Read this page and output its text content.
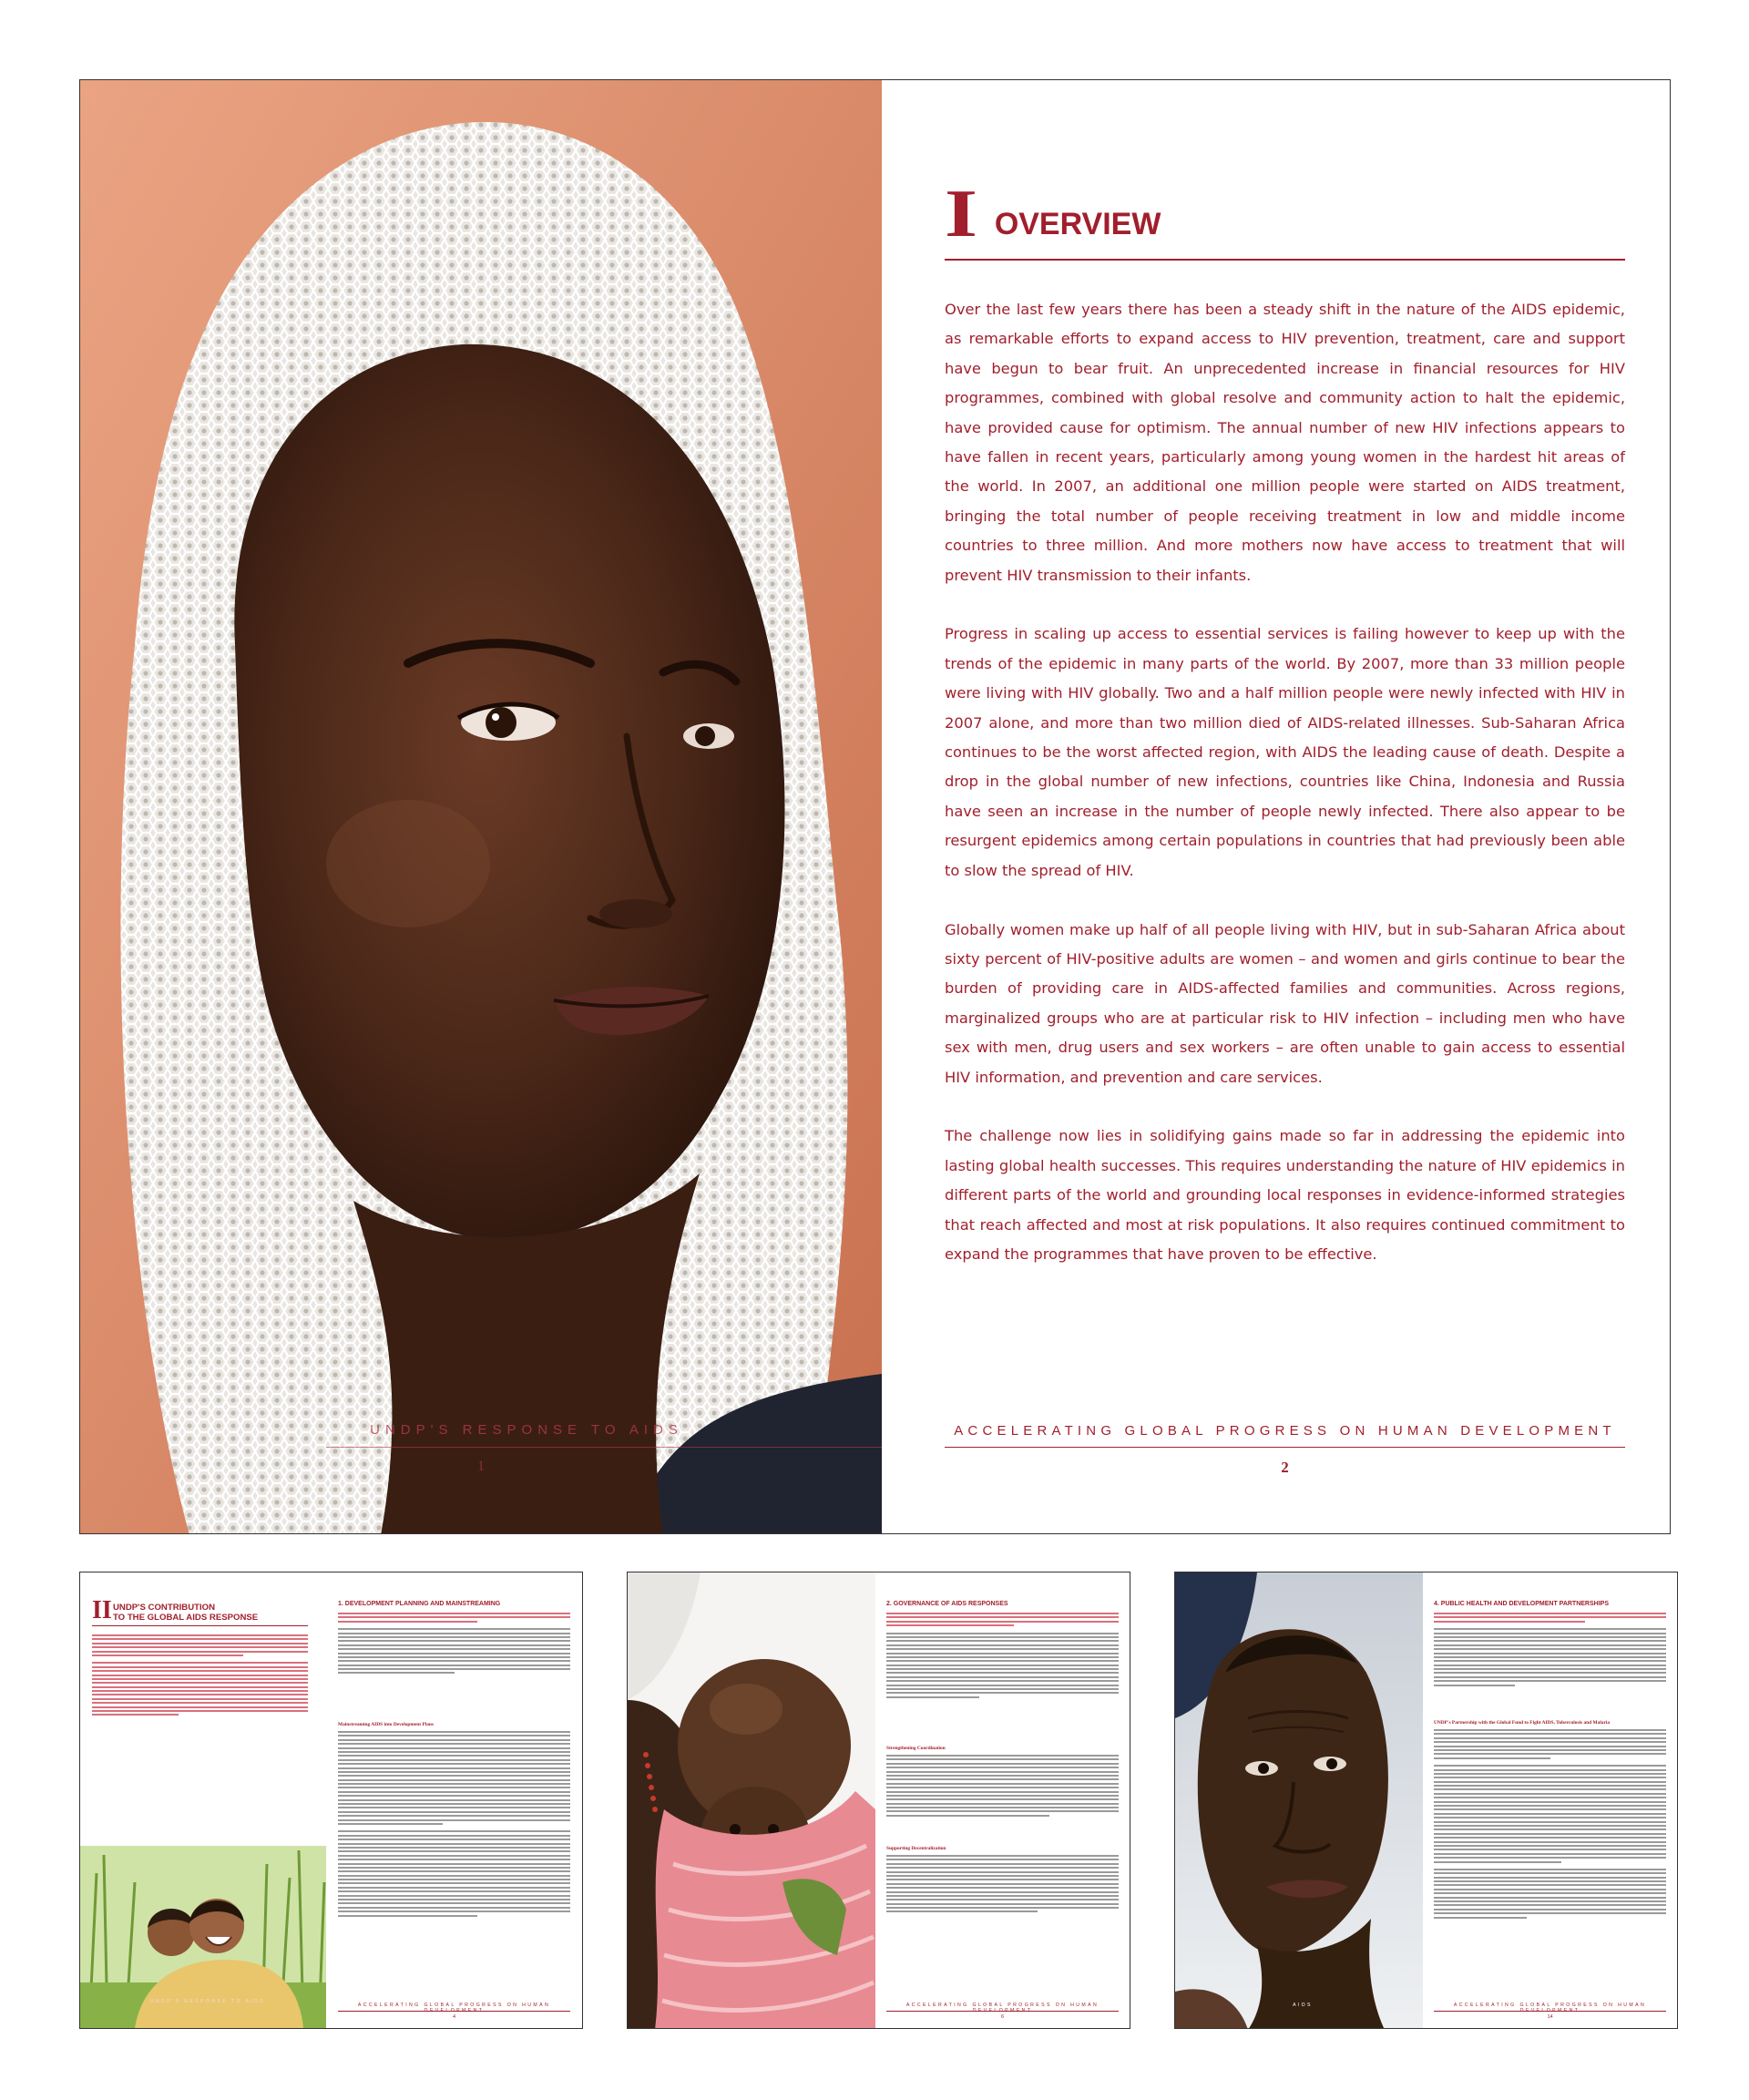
UNDP'S RESPONSE TO AIDS
1
I OVERVIEW

Over the last few years there has been a steady shift in the nature of the AIDS epidemic, as remarkable efforts to expand access to HIV prevention, treatment, care and support have begun to bear fruit. An unprecedented increase in financial resources for HIV programmes, combined with global resolve and community action to halt the epidemic, have provided cause for optimism. The annual number of new HIV infections appears to have fallen in recent years, particularly among young women in the hardest hit areas of the world. In 2007, an additional one million people were started on AIDS treatment, bringing the total number of people receiving treatment in low and middle income countries to three million. And more mothers now have access to treatment that will prevent HIV transmission to their infants.

Progress in scaling up access to essential services is failing however to keep up with the trends of the epidemic in many parts of the world. By 2007, more than 33 million people were living with HIV globally. Two and a half million people were newly infected with HIV in 2007 alone, and more than two million died of AIDS-related illnesses. Sub-Saharan Africa continues to be the worst affected region, with AIDS the leading cause of death. Despite a drop in the global number of new infections, countries like China, Indonesia and Russia have seen an increase in the number of people newly infected. There also appear to be resurgent epidemics among certain populations in countries that had previously been able to slow the spread of HIV.

Globally women make up half of all people living with HIV, but in sub-Saharan Africa about sixty percent of HIV-positive adults are women – and women and girls continue to bear the burden of providing care in AIDS-affected families and communities. Across regions, marginalized groups who are at particular risk to HIV infection – including men who have sex with men, drug users and sex workers – are often unable to gain access to essential HIV information, and prevention and care services.

The challenge now lies in solidifying gains made so far in addressing the epidemic into lasting global health successes. This requires understanding the nature of HIV epidemics in different parts of the world and grounding local responses in evidence-informed strategies that reach affected and most at risk populations. It also requires continued commitment to expand the programmes that have proven to be effective.

ACCELERATING GLOBAL PROGRESS ON HUMAN DEVELOPMENT
2
II UNDP'S CONTRIBUTION
TO THE GLOBAL AIDS RESPONSE
1. DEVELOPMENT PLANNING AND MAINSTREAMING
Mainstreaming AIDS into Development Plans
UNDP'S RESPONSE TO AIDS
ACCELERATING GLOBAL PROGRESS ON HUMAN
4
2. GOVERNANCE OF AIDS RESPONSES
Strengthening Coordination
Supporting Decentralization
ACCELERATING GLOBAL PROGRESS ON HUMAN
6
AIDS
4. PUBLIC HEALTH AND DEVELOPMENT PARTNERSHIPS
UNDP's Partnership with the Global Fund to Fight AIDS, Tuberculosis and Malaria
ACCELERATING GLOBAL PROGRESS ON HUMAN
14
